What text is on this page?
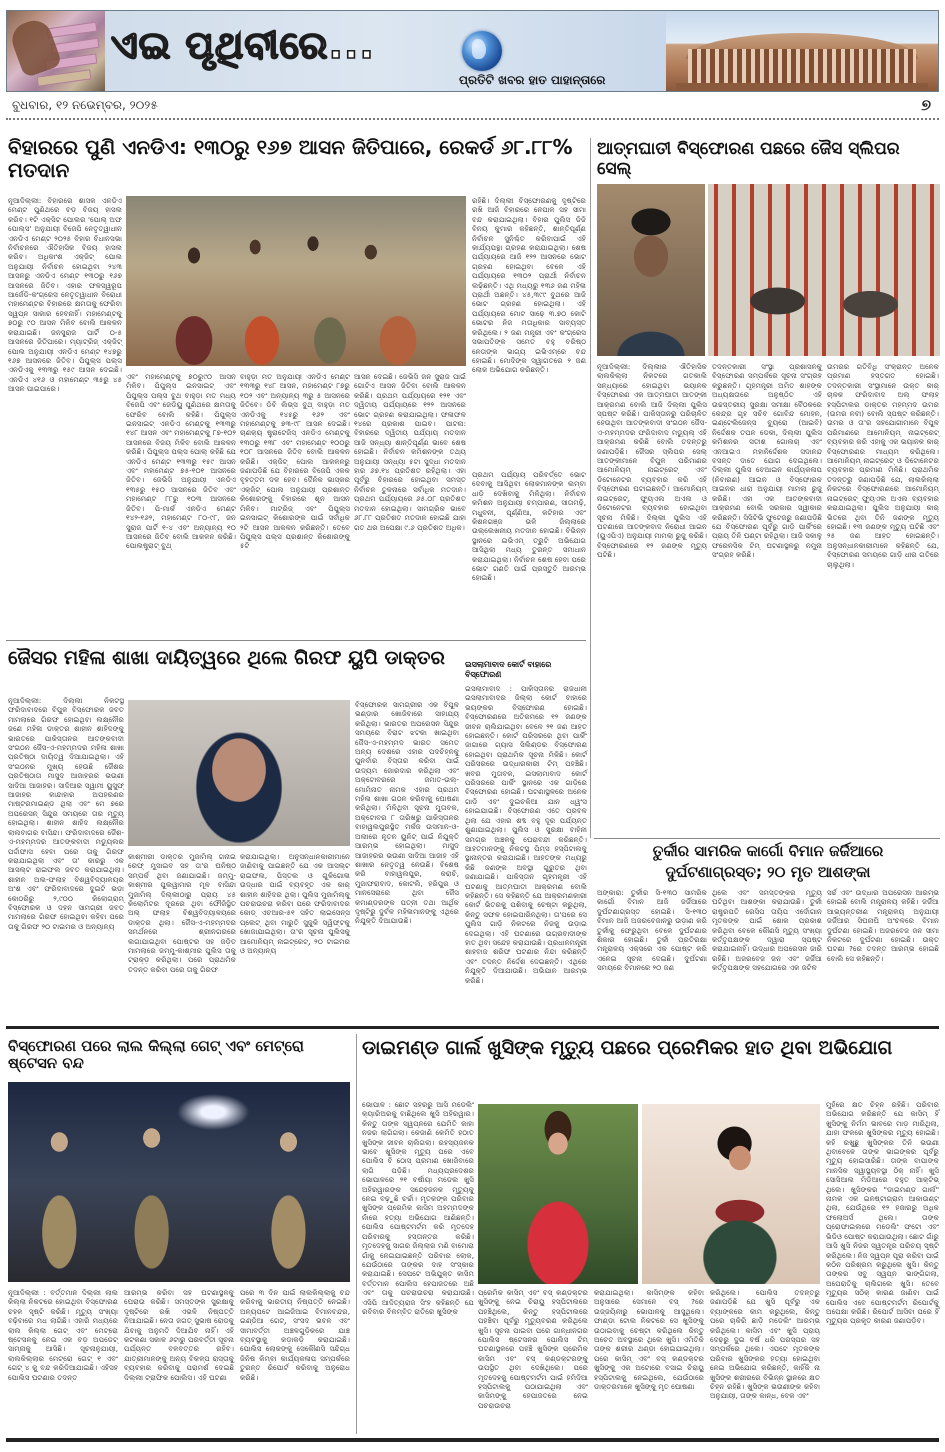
ଏଇ ପୃଥିବୀରେ...
ପ୍ରତିଟି ଖବର ହାତ ପାହାନ୍ତାରେ
ବୁଧବାର, ୧୨ ନଭେମ୍ବର, ୨୦୨୫	୭
ବିହାରରେ ପୁଣି ଏନଡିଏ: ୧୩୦ରୁ ୧୬୭ ଆସନ ଜିତିପାରେ, ରେକର୍ଡ ୬୮.୮୮% ମତଦାନ
ନୂଆଦିଲ୍ଲୀ: ବିହାରରେ ଶାସକ ଏନଡିଏ ମେଣ୍ଟ ପୁଣିଥରେ ବଡ଼ ବିଜୟ ହାସଲ କରିବ। ୧ଟି ଏକ୍ସିଟ ପୋଲର 'ପୋଲ୍ ଅଫ ପୋଲ୍ସ' ଅନୁଯାୟୀ ବିଜେପି ନେତୃତ୍ୱାଧୀନ ଏନଡିଏ ମେଣ୍ଟ ୨୦୨୫ ବିହାର ବିଧାନସଭା ନିର୍ବାଚନରେ ଐତିହାସିକ ବିଜୟ ହାସଲ କରିବ। ଅଧିକାଂଶ ଏକ୍ଜିଟ୍ ପୋଲ ଅନୁଯାୟୀ ନିର୍ବାଚନ ହୋଇଥିବା ୨୪୩ ଆସନରୁ ଏନଡିଏ ମେଣ୍ଟ ୧୩୦ରୁ ୧୬୭ ଆସନରେ ଜିତିବ। ଏହାର ଫଳସ୍ୱରୂପ ଆର୍ଜେଡି-କଂଗ୍ରେସ ନେତୃତ୍ୱାଧୀନ ବିରୋଧୀ ମହାମେଣ୍ଟର ବିହାରରେ କ୍ଷମତାକୁ ଫେରିବା ସ୍ୱପ୍ନ ସାକାର ହେବନାହିଁ। ମହାମେଣ୍ଟକୁ ୭୦ରୁ ୯୦ ଆସନ ମିଳିବ ବୋଲି ଆକଳନ କରାଯାଇଛି। ଜନସୁରାଜ ପାର୍ଟି ୦-୫ ଆସନରେ ଜିତିପାରେ। ମ୍ୟାଟ୍ରିଜ୍ ଏକ୍ଜିଟ୍ ପୋଲ ଅନୁଯାୟୀ ଏନଡିଏ ମେଣ୍ଟ ୧୪୭ରୁ ୧୬୭ ଆସନରେ ଜିତିବ। ପିପୁଲ୍ସ ପଲ୍ସ ଏନଡିଏକୁ ୧୩୩ରୁ ୧୫୯ ଆସନ ଦେଇଛି। ଏନଡିଏ ୪୧୬ ଓ ମହାମେଣ୍ଟ ୩୫ରୁ ୪୫ ଆସନ ପାଇପାରେ।
ଏବଂ ମହାମେଣ୍ଟକୁ ୭୦ରୁ୯୦ ଆସନ ମିଳିବ। ପିପୁଲ୍ସ ଇନସାଇଟ୍ ଏବଂ ପିପୁଲ୍ସ ପଲ୍ସ ବୁଥ ବାହୁଡ଼ା ମତ ମଧ୍ୟ ବିଜେପି ଏବଂ ଜେଡିୟୁ ପୁଣିଥରେ କ୍ଷମତାକୁ ଫେରିବ ବୋଲି କହିଛି। ପିପୁଲ୍ସ ଇନସାଇଟ୍ ଏନଡିଏ ମେଣ୍ଟକୁ ୧୩୩ରୁ ୧୪୮ ଆସନ ଏବଂ ମହାମେଣ୍ଟକୁ ୮୭-୧୦୨ ଆସନରେ ବିଜୟ ମିଳିବ ବୋଲି ଆକଳନ କରିଛି। ପିପୁଲ୍ସ ପଲ୍ସ ପୋଲ୍ କହିଛି ଯେ ଏନଡିଏ ମେଣ୍ଟ ୧୩୩ରୁ ୧୫୯ ଆସନ ଏବଂ ମହାମେଣ୍ଟ ୭୫-୧୦୧ ଆସନରେ ଜିତିବ। ଜେଭିସି ଅନୁଯାୟୀ ଏନଡିଏ ୧୩୫ରୁ ୧୫୦ ଆସନରେ ଜିତିବ ଏବଂ ମହାମେଣ୍ଟ ୮୮ରୁ ୧୦୩ ଆସନରେ ଜିତିବ। ପି-ମାର୍କ ଏନଡିଏ ମେଣ୍ଟ ୧୪୨-୧୬୨, ମହାମେଣ୍ଟ ୮୦-୯୮, ଜନ ସୁରାଜ ପାର୍ଟି ୧-୪ ଏବଂ ଅନ୍ୟାନ୍ୟ ୧୦ ଆସନରେ ଜିତିବ ବୋଲି ଆକଳନ କରିଛି। ପୋଲଷ୍ଟ୍ରାଟ୍ ବୁଥ୍
ବାହୁଡ଼ା ମତ ଅନୁଯାୟୀ ଏନଡିଏ ମେଣ୍ଟ ୧୩୩ରୁ ୧୪୮ ଆସନ, ମହାମେଣ୍ଟ ୮୭ରୁ ୧୦୨ ଏବଂ ଅନ୍ୟାନ୍ୟ ୩ରୁ ୫ ଆସନରେ ଜିତିବେ। ଡିବି ଲିଭ୍ସ ବୁଥ୍ ବାହୁଡ଼ା ମତ ଏନଡିଏକୁ ୧୪୫ରୁ ୧୬୨ ଏବଂ ମହାମେଣ୍ଟକୁ ୭୩-୯୮ ଆସନ ଦେଇଛି। ଚାଣକ୍ୟ ଷ୍ଟ୍ରାଟେଜିସ୍ ଏନଡିଏ ମେଣ୍ଟକୁ ୧୩୦ରୁ ୧୩୮ ଏବଂ ମହାମେଣ୍ଟ ୧୦୦ରୁ ୧୦୮ ଆସନରେ ଜିତିବ ବୋଲି ଆକଳନ କରିଛି। ଏକ୍ଜିଟ୍ ପୋଲ ଆକଳନରୁ ଜଣାପଡ଼ିଛି ଯେ ବିହାରରେ ବିଜେପି ଏକକ ବୃହତ୍ତମ ଦଳ ହେବ। ଦୈନିକ ଭାସ୍କର ଏକ୍ଜିଟ୍ ପୋଲ ଅନୁଯାୟୀ ପ୍ରଶାନ୍ତ କିଶୋରଙ୍କୁ ବିହାରରେ ଶୂନ ଆସନ ମିଳିବ। ମାଟ୍ରିଜ୍ ଏବଂ ପିପୁଲ୍ସ ଇନସାଇଟ୍ କିଶୋରଙ୍କ ପାଇଁ ସର୍ବାଧିକ ୨ଟି ଆସନ ଆକଳନ କରିଛନ୍ତି। ତେବେ ପିପୁଲ୍ସ ପଲ୍ସ ପ୍ରଶାନ୍ତ କିଶୋରଙ୍କୁ ୫ଟି
ଆସନ ଦେଇଛି। ଜେଭିସି ଜନ ସୁରାଜ ପାଇଁ ଗୋଟିଏ ଆସନ ଜିତିବା ବୋଲି ଆକଳନ କରିଛି। ପ୍ରଥମ ପର୍ଯ୍ୟାୟରେ ୧୨୧ ଏବଂ ଦ୍ୱିତୀୟ ପର୍ଯ୍ୟାୟରେ ୧୨୨ ଆସନରେ ଭୋଟ ଗ୍ରହଣ କରାଯାଇଥିଲା। ଫଳାଫଳ ୧୪ରେ ପ୍ରକାଶ ପାଇବ। ପାଟନା: ବିହାରରେ ଦ୍ୱିତୀୟ ପର୍ଯ୍ୟାୟ ମତଦାନ ଆଜି ସନ୍ଧ୍ୟା ଶାନ୍ତିପୂର୍ଣ୍ଣ ଭାବେ ଶେଷ ହୋଇଛି। ନିର୍ବାଚନ କମିଶନଙ୍କ ତଥ୍ୟ ଅନୁଯାୟୀ ସନ୍ଧ୍ୟା ୫ଟା ସୁଦ୍ଧା ମତଦାନ ହାର ୬୭.୧୪ ପ୍ରତିଶତ ରହିଥିଲା। ଏହା ପୂର୍ବରୁ ବିହାରରେ ହୋଇଥିବା ସମସ୍ତ ନିର୍ବାଚନ ତୁଳନାରେ ସର୍ବାଧିକ ମତଦାନ। ପ୍ରଥମ ପର୍ଯ୍ୟାୟରେ ୬୫.୦୮ ପ୍ରତିଶତ ମତଦାନ ହୋଇଥିଲା। ସାମଗ୍ରିକ ଭାବେ ୬୮.୮୮ ପ୍ରତିଶତ ମତଦାନ ହୋଇଛି ଯାହା ଗତ ଥର ଅପେକ୍ଷା ୯.୬ ପ୍ରତିଶତ ଅଧିକ।
ରହିଛି। ଦିଲ୍ଲୀ ବିସ୍ଫୋରଣକୁ ଦୃଷ୍ଟିରେ ରଖି ଆଜି ବିହାରରେ ନେପାଳ ସହ ସୀମା ବନ୍ଦ କରାଯାଇଥିଲା। ବିହାର ପୁଲିସ ଡିଜି ବିନୟ କୁମାର କହିଛନ୍ତି, ଶାନ୍ତିପୂର୍ଣ୍ଣ ନିର୍ବାଚନ ସୁନିଶ୍ଚିତ କରିବାପାଇଁ ଏହି କାର୍ଯ୍ୟପନ୍ଥା ଗ୍ରହଣ କରାଯାଇଥିଲା। ଶେଷ ପର୍ଯ୍ୟାୟରେ ଆଜି ୧୨୨ ଆସନରେ ଭୋଟ ଗ୍ରହଣ ହୋଇଥିବା ବେଳେ ଏହି ପର୍ଯ୍ୟାୟରେ ୧୩୦୨ ପ୍ରାର୍ଥୀ ନିର୍ବାଚନ ଲଢ଼ିଛନ୍ତି। ଏଥି ମଧ୍ୟରୁ ୧୩୬ ଜଣ ମହିଳା ପ୍ରାର୍ଥୀ ଅଛନ୍ତି। ୪୫,୩୯୯ ବୁଥରେ ଆଜି ଭୋଟ ଗ୍ରହଣ ହୋଇଥିଲା। ଏହି ପର୍ଯ୍ୟାୟରେ ମୋଟ ସାଢ଼େ ୩.୭୦ କୋଟି ଭୋଟର ନିଜ ମତାଧିକାର ସାବ୍ୟସ୍ତ କରିଥିଲେ। ୨ ଜଣ ମନ୍ତ୍ରୀ ଏବଂ କଂଗ୍ରେସ ସଭାପତିଙ୍କ ସମେତ ବହୁ ବରିଷ୍ଠ ନେତାଙ୍କ ଭାଗ୍ୟ ଇଭିଏମ୍‌ରେ ବନ୍ଦ ହୋଇଛି। ମୋଦିଙ୍କ ସ୍ୱାଗତରେ ୨ ଜଣ ଲୋକ ଅଭିଯୋଗ କରିଛନ୍ତି।
ପ୍ରଥମ ପର୍ଯ୍ୟାୟ ପରିବର୍ତ୍ତେ ଭୋଟ ଦେବାକୁ ଆସିଥିବା ଲୋକମାନଙ୍କ ଲମ୍ବା ଧାଡ଼ି ଦେଖିବାକୁ ମିଳିଥିଲା। ନିର୍ବାଚନ କମିଶନ ଅନୁଯାୟୀ ଚମ୍ପାରଣ, ସୀତାମଢ଼ି, ମଧୁବନୀ, ପୂର୍ଣ୍ଣିଆ, କଟିହାର ଏବଂ କିଶନଗଞ୍ଜ ଭଳି ଜିଲ୍ଲାରେ ଉଲ୍ଲେଖନୀୟ ମତଦାନ ହୋଇଛି। ବିଭିନ୍ନ ସ୍ଥାନରେ ଇଭିଏମ୍ ତ୍ରୁଟି ଅଭିଯୋଗ ଆସିଥିଲା ମଧ୍ୟ ତୁରନ୍ତ ସମାଧାନ କରାଯାଇଥିଲା। ନିର୍ବାଚନ ଶେଷ ହେବା ପରେ ଭୋଟ ଗଣତି ପାଇଁ ପ୍ରସ୍ତୁତି ଆରମ୍ଭ ହୋଇଛି।
ଆତ୍ମଘାତୀ ବିସ୍ଫୋରଣ ପଛରେ ଜୈସ ସ୍ଲିପର ସେଲ୍
ନୂଆଦିଲ୍ଲୀ: ଦିଲ୍ଲୀର ଐତିହାସିକ ଲାଲକିଲ୍ଲା ନିକଟରେ ଗତକାଲି ସନ୍ଧ୍ୟାରେ ହୋଇଥିବା ଭୟାନକ ବିସ୍ଫୋରଣ ଏକ ଆତ୍ମଘାତୀ ଆତଙ୍କୀ ଆକ୍ରମଣ ବୋଲି ଆଜି ଦିଲ୍ଲୀ ପୁଲିସ ସ୍ପଷ୍ଟ କରିଛି। ପାକିସ୍ତାନରୁ ପରିଚାଳିତ ହେଉଥିବା ଆତଙ୍କବାଦୀ ସଂଗଠନ ଜୈସ-ଏ-ମହମ୍ମଦର ଫରିଦାବାଦ ମଡ୍ୟୁଲ୍ ଏହି ଆକ୍ରମଣ କରିଛି ବୋଲି ତଦନ୍ତରୁ ଜଣାପଡ଼ିଛି। ଜୈସର ସ୍ଲିପର ସେଲ୍ ଆତଙ୍କୀମାନେ ବିପୁଳ ପରିମାଣର ଆମୋନିୟମ୍ ନାଇଟ୍ରେଟ୍ ଏବଂ ଡିଟୋନେଟର ବ୍ୟବହାର କରି ଏହି ବିସ୍ଫୋରଣ ଘଟାଇଛନ୍ତି। ଆମୋନିୟମ୍ ନାଇଟ୍ରେଟ୍, ଫ୍ୟୁଏଲ ଅଏଲ ଓ ଡିଟୋନେଟର ବ୍ୟବହାର ହୋଇଥିବା ସୂଚନା ମିଳିଛି। ଦିଲ୍ଲୀ ପୁଲିସ ଏହି ଘଟଣାରେ ଆତଙ୍କବାଦ ନିରୋଧୀ ଆଇନ (ୟୁଏପିଏ) ଅନୁଯାୟୀ ମାମଲା ରୁଜୁ କରିଛି। ବିସ୍ଫୋରଣରେ ୧୨ ଜଣଙ୍କ ମୃତ୍ୟୁ ଘଟିଛି।
ତଦନ୍ତକାରୀ ସଂସ୍ଥା ପ୍ରଶାସନକୁ ବିସ୍ଫୋରଣ ସମ୍ପର୍କରେ ସୂଚନା ସଂଗ୍ରହ କରୁଛନ୍ତି। ଗୃହମନ୍ତ୍ରୀ ଅମିତ ଶାହଙ୍କ ଅଧ୍ୟକ୍ଷତାରେ ଅନୁଷ୍ଠିତ ଏହି ଉଚ୍ଚସ୍ତରୀୟ ସୁରକ୍ଷା ସମୀକ୍ଷା ବୈଠକରେ କେନ୍ଦ୍ର ଗୃହ ସଚିବ ଗୋବିନ୍ଦ ମୋହନ, ଇଣ୍ଟେଲିଜେନ୍ସ ବ୍ୟୁରୋ (ଆଇବି) ନିର୍ଦ୍ଦେଶକ ତପନ ଡେକା, ଦିଲ୍ଲୀ ପୁଲିସ କମିଶନର ସତୀଶ ଗୋଲଚା ଏବଂ ଏନଆଇଏ ମହାନିର୍ଦ୍ଦେଶକ ସଦାନନ୍ଦ ବସନ୍ତ ଦାତେ ଯୋଗ ଦେଇଥିଲେ। ଦିଲ୍ଲୀ ପୁଲିସ ବେଆଇନ କାର୍ଯ୍ୟକଳାପ (ନିବାରଣ) ଆଇନ ଓ ବିସ୍ଫୋରକ ଆଇନର ଧାରା ଅନୁଯାୟୀ ମାମଲା ରୁଜୁ କରିଛି। ଏହା ଏକ ଆତଙ୍କବାଦୀ ଆକ୍ରମଣ ବୋଲି ସରକାର ସ୍ୱୀକାର କରିଛନ୍ତି। ସିସିଟିଭି ଫୁଟେଜରୁ ଜଣାପଡ଼ିଛି ଯେ ବିସ୍ଫୋରଣ ପୂର୍ବରୁ ଗାଡ଼ି ପାର୍କିଂରେ ପ୍ରାୟ ତିନି ଘଣ୍ଟା ରହିଥିଲା। ଆଜି ସକାଳୁ ଫରେନସିକ ଟିମ୍ ଘଟଣାସ୍ଥଳରୁ ନମୁନା ସଂଗ୍ରହ କରିଛି।
ଉମରର ଗତିବିଧି ସଂକ୍ରାନ୍ତ ଅନେକ ପ୍ରମାଣ ହସ୍ତଗତ ହୋଇଛି। ତଦନ୍ତକାରୀ ସଂସ୍ଥାମାନେ ଉକ୍ତ କାର୍ ଚାଳକ ଫରିଦାବାଦ ଅଲ୍ ଫଲାହ ହସ୍ପିଟାଲର ଡାକ୍ତର ମହମ୍ମଦ ଉମର (ଉମର ନବୀ) ବୋଲି ସ୍ପଷ୍ଟ କରିଛନ୍ତି। ଉମର ଓ ତା'ର ସହଯୋଗୀମାନେ ବିପୁଳ ପରିମାଣରେ ଆମୋନିୟମ୍ ନାଇଟ୍ରେଟ୍ ବ୍ୟବହାର କରି ଏହାକୁ ଏକ ଭୟାନକ କାର୍ ବିସ୍ଫୋରଣର ମାଧ୍ୟମ କରିଥିଲେ। ଆମୋନିୟମ୍ ନାଇଟ୍ରେଟ୍ ଓ ଡିଟୋନେଟର ବ୍ୟବହାର ପ୍ରମାଣ ମିଳିଛି। ପ୍ରାଥମିକ ତଦନ୍ତରୁ ଜଣାପଡ଼ିଛି ଯେ, ଲାଲକିଲ୍ଲା ନିକଟରେ ବିସ୍ଫୋରଣରେ ଆମୋନିୟମ୍ ନାଇଟ୍ରେଟ୍ ଫ୍ୟୁଏଲ ଅଏଲ ବ୍ୟବହାର କରାଯାଇଥିଲା। ପୁଲିସ ଅନୁଯାୟୀ କାର୍ ଭିତରେ ଥିବା ତିନି ଜଣଙ୍କ ମୃତ୍ୟୁ ହୋଇଛି। ୧୩ ଜଣଙ୍କ ମୃତ୍ୟୁ ଘଟିଛି ଏବଂ ୨୫ ଜଣ ଆହତ ହୋଇଛନ୍ତି। ଅନୁସନ୍ଧାନକାରୀମାନେ କହିଛନ୍ତି ଯେ, ବିସ୍ଫୋରଣ ସମୟରେ ଗାଡ଼ି ଧୀର ଗତିରେ ଚାଲୁଥିଲା।
ଜୈସର ମହିଳା ଶାଖା ଦାୟିତ୍ୱରେ ଥିଲେ ଗିରଫ ୟୁପି ଡାକ୍ତର
ନୂଆଦିଲ୍ଲୀ: ଦିଲ୍ଲୀ ନିକଟସ୍ଥ ଫରିଦାବାଦରେ ବିପୁଳ ବିସ୍ଫୋରକ ଜବତ ମାମଲାରେ ଗିରଫ ହୋଇଥିବା ଲକ୍ଷ୍ନୌର ଜଣେ ମହିଳା ଡାକ୍ତର ଶାହୀନ ଶାହିଦଙ୍କୁ ଭାରତରେ ପାକିସ୍ତାନର ଆତଙ୍କବାଦୀ ସଂଗଠନ ଜୈସ-ଏ-ମହମ୍ମଦର ମହିଳା ଶାଖା ପ୍ରତିଷ୍ଠା ଦାୟିତ୍ୱ ଦିଆଯାଇଥିଲା। ଏହି ସଂଗଠନର ମୁଖ୍ୟ ହେଉଛି ଜୈଶର ପ୍ରତିଷ୍ଠାତା ମାସୁଦ ଆଜାହରର ଭଉଣୀ ସାଦିଆ ଆଜାହର। ସାଦିଆର ସ୍ୱାମୀ ୟୁସୁଫ୍ ଆଜାହର କାନ୍ଦାହାର ଅପହରଣର ମାଷ୍ଟରମାଇଣ୍ଡ ଥିଲା ଏବଂ ମେ ୭ରେ ଅପରେସନ୍ ସିନ୍ଦୁର ସମୟରେ ତାର ମୃତ୍ୟୁ ହୋଇଥିଲା। ଶାହୀନ ଶାହିଦ ଲକ୍ଷ୍ନୌର ଲାଲବାଗର ବାସିନ୍ଦା। ଫରିଦାବାଦରେ ଜୈଶ-ଏ-ମହମ୍ମଦର ଆତଙ୍କବାଦୀ ମଡ୍ୟୁଲର ପର୍ଦ୍ଦାଫାସ ହେବା ପରେ ତାକୁ ଗିରଫ କରାଯାଇଥିଲା ଏବଂ ତା' କାରରୁ ଏକ ଆସଲ୍ଟ ରାଇଫଲ ଜବତ କରାଯାଇଥିଲା। ଶାହୀନ ଅଲ-ଫଲାହ ବିଶ୍ୱବିଦ୍ୟାଳୟର ଅଂଶ ଏବଂ ଫରିଦାବାଦରେ ଦୁଇଟି ଭଡ଼ା କୋଠରିରୁ ୨,୯୦୦ କିଲୋଗ୍ରାମ୍ ବିସ୍ଫୋରକ ଓ ଦହନ ସାମଗ୍ରୀ ଜବତ ମାମଲାରେ ଗିରଫ ହୋଇଥିବା କହିବା ପରେ ତାକୁ ଗିରଫ ୨୦ ଟାଇମର ଓ ଅନ୍ୟାନ୍ୟ
କାଶ୍ମୀରୀ ଡାକ୍ତର ମୁଜାମିଲ୍ ଗନାଇ ରେଫ୍ ମୁସାଇବ ସହ ତା'ର ଘନିଷ୍ଠ ସମ୍ପର୍କ ଥିବା ଜଣାଯାଇଛି। ଜମ୍ମୁ-କାଶ୍ମୀର ପୁଲୱାମାର ମୂଳ ବାସିନ୍ଦା ମୁଜାମିଲ୍ ଦିଲ୍ଲୀଠାରୁ ପ୍ରାୟ ୪୫ କିଲୋମିଟର ଦୂରରେ ଥିବା ଫୌଜିସ୍ଥିତ ଅଲ୍ ଫଲାହ ବିଶ୍ୱବିଦ୍ୟାଳୟରେ ଡାକ୍ତର ଥିଲା। ଜୈସ-ଏ-ମହମ୍ମଦର ସମର୍ଥନରେ ଶ୍ରୀନଗରରେ ଲଗାଯାଇଥିବା ପୋଷ୍ଟର ସହ ଜଡ଼ିତ ମାମଲାରେ ଜମ୍ମୁ-କାଶ୍ମୀର ପୁଲିସ ତାକୁ ଟ୍ରାକ୍ଡ଼ କରିଥିଲା। ପରେ ପ୍ରାଥମିକ ତଦନ୍ତ କରିବା ପରେ ତାକୁ ଗିରଫ
କରାଯାଇଥିଲା। ଅନୁସନ୍ଧାନକାରୀମାନେ ଜାଣିବାକୁ ପାଇଛନ୍ତି ଯେ ଏକ ଆସଲ୍ଟ ରାଇଫଲ, ପିସ୍ତଲ ଓ ଗୁଳିଗୋଳା ଉଦ୍ଧାର ପାଇଁ ବ୍ୟବହୃତ ଏକ କାର୍ ଶାହୀନ ଶାହିଦର ଥିଲା। ପୁଲିସ ମୁଜାମିଲ୍‌କୁ ପଚରାଉଚରା କରିବା ପରେ ଫରିଦାବାଦର କୋଡ୍ ଏଚଆର-୫୧ ସହିତ ଲାଇସେନ୍ସ ପ୍ଲେଟ୍ ଥିବା ମାରୁତି ସୁଜୁକି ସ୍ୱିଫ୍ଟକୁ ଖୋଜାଯାଇଥିଲା। ତା'ର ସୂଚନା ପୁଲିସକୁ ଆମୋନିୟମ୍ ନାଇଟ୍ରେଟ୍, ୨୦ ଟାଇମର ଓ ଅନ୍ୟାନ୍ୟ
ବିସ୍ଫୋରକ ସାମଗ୍ରୀର ଏକ ବିପୁଳ ଭଣ୍ଡାର ଖୋଜିବାରେ ସାହାଯ୍ୟ କରିଥିଲା। ଭାରତର ଅପରେସନ ସିନ୍ଦୁର ସମୟରେ ବିରାଟ ଝଟକା ଖାଇଥିବା ଜୈସ-ଏ-ମହମ୍ମଦ ଭାରତ ସମେତ ଅନ୍ୟ ଦେଶରେ ଏହାର ପଦଚିହ୍ନକୁ ପୁନର୍ବାର ବିସ୍ତାର କରିବା ପାଇଁ ଉଦ୍ୟମ ଜୋରଦାର କରିଥିଲା ଏବଂ ଅକ୍ଟୋବରରେ ଜମାତ-ଉଲ୍-ମୋମିନାତ ନାମକ ଏହାର ପ୍ରଥମ ମହିଳା ଶାଖା ଗଠନ କରିବାକୁ ଘୋଷଣା କରିଥିଲା। ମିଳିଥିବା ସୂଚନା ମୁତାବକ, ଅକ୍ଟୋବର ୮ ତାରିଖରୁ ପାକିସ୍ତାନର ବାହାୱଲପୁରସ୍ଥିତ ମର୍କଜ ଉସମାନ-ଓ-ଅଲୀରେ ନୂତନ ୟୁନିଟ୍ ପାଇଁ ନିଯୁକ୍ତି ଆରମ୍ଭ ହୋଇଥିଲା। ମାସୁଦ ଆଜାହରର ଭଉଣୀ ସାଦିଆ ଆଜାହ ଏହି ଶାଖାର ନେତୃତ୍ୱ ନେଉଛି। ବିଶେଷ କରି ବାହାୱଲପୁର, କରାଚି, ମୁଜାଫରାବାଦ, କୋଟଲି, ହରିପୁର ଓ ମାନସେରାରେ ଥିବା ଜୈସ କମାଣ୍ଡରଙ୍କ ପତ୍ନୀ ତଥା ଆର୍ଥିକ ଦୃଷ୍ଟିରୁ ଦୁର୍ବଳ ମହିଳାମାନଙ୍କୁ ଏଥିରେ ନିଯୁକ୍ତି ଦିଆଯାଉଛି।
ଇସଲାମାବାଦ କୋର୍ଟ ବାହାରେ ବିସ୍ଫୋରଣ
ଇସଲାମାବାଦ : ପାକିସ୍ତାନର ରାଜଧାନୀ ଇସଲାମାବାଦର ଜିଲ୍ଲା କୋର୍ଟ ବାହାରେ ଭୟଙ୍କର ବିସ୍ଫୋରଣ ହୋଇଛି। ବିସ୍ଫୋରଣରେ ଅତିକମରେ ୧୨ ଜଣଙ୍କ ଜୀବନ ଚାଲିଯାଇଥିବା ବେଳେ ୨୧ ଜଣ ଆହତ ହୋଇଛନ୍ତି। କୋର୍ଟ ପରିସରରେ ଥିବା ପାର୍କିଂ ଜାଗାରେ ଗ୍ୟାସ ସିଲିଣ୍ଡର ବିସ୍ଫୋରଣ ହୋଇଥିବା ପ୍ରାଥମିକ ସୂଚନା ମିଳିଛି। କୋର୍ଟ ପରିସରରେ ଉଦ୍ଧାରକାରୀ ଟିମ୍ ପହଞ୍ଚିଛି। ଖବର ମୁତାବକ, ଇସଲାମାବାଦ କୋର୍ଟ ପରିସରରେ ପାର୍କିଂ ସ୍ଥାନରେ ଏକ ଗାଡ଼ିରେ ବିସ୍ଫୋରଣ ହୋଇଛି। ଘଟଣାସ୍ଥଳରେ ଅନେକ ଗାଡ଼ି ଏବଂ ଦୁଇଚକିଆ ଯାନ ଧ୍ୱଂସ ହୋଇଯାଇଛି। ବିସ୍ଫୋରଣ ଏତେ ପ୍ରବଳ ଥିଲା ଯେ ଏହାର ଶବ୍ଦ ବହୁ ଦୂର ପର୍ଯ୍ୟନ୍ତ ଶୁଣାଯାଇଥିଲା। ପୁଲିସ ଓ ସୁରକ୍ଷା ବାହିନୀ ସମଗ୍ର ଅଞ୍ଚଳକୁ ଘେରାବନ୍ଦୀ କରିଛନ୍ତି। ଆହତମାନଙ୍କୁ ନିକଟସ୍ଥ ପିମ୍ସ ହସ୍ପିଟାଲକୁ ସ୍ଥାନାନ୍ତର କରାଯାଇଛି। ଆହତଙ୍କ ମଧ୍ୟରୁ କିଛି ଜଣଙ୍କ ଅବସ୍ଥା ଗୁରୁତର ଥିବା ଜଣାଯାଇଛି। ପାକିସ୍ତାନ ଗୃହମନ୍ତ୍ରୀ ଏହି ଘଟଣାକୁ ଆତ୍ମଘାତୀ ଆକ୍ରମଣ ବୋଲି କହିଛନ୍ତି। ସେ କହିଛନ୍ତି ଯେ ଆକ୍ରମଣକାରୀ କୋର୍ଟ ଭିତରକୁ ପଶିବାକୁ ଚେଷ୍ଟା କରୁଥିଲା, କିନ୍ତୁ ସଫଳ ହୋଇପାରିନଥିଲା। ତା'ପରେ ସେ ପୁଲିସ ଗାଡ଼ି ନିକଟରେ ନିଜକୁ ଉଡ଼ାଇ ଦେଇଥିଲା। ଏହି ଘଟଣାରେ ଉଗ୍ରବାଦୀଙ୍କ ହାତ ଥିବା ସନ୍ଦେହ କରାଯାଉଛି। ପ୍ରଧାନମନ୍ତ୍ରୀ ଶାହବାଜ ଶରିଫ ଘଟଣାର ନିନ୍ଦା କରିଛନ୍ତି ଏବଂ ତଦନ୍ତ ନିର୍ଦ୍ଦେଶ ଦେଇଛନ୍ତି। ଏଥିରେ ନିଯୁକ୍ତି ଦିଆଯାଉଛି। ଅଭିଯାନ ଆରମ୍ଭ କରିଛି।
ତୁର୍କୀର ସାମରିକ କାର୍ଗୋ ବିମାନ ଜର୍ଜିଆରେ
ଦୁର୍ଘଟଣାଗ୍ରସ୍ତ; ୨୦ ମୃତ ଆଶଙ୍କା
ଅଙ୍କାରା: ତୁର୍କୀର ସି-୧୩୦ ସାମରିକ କାର୍ଗୋ ବିମାନ ଆଜି ଜର୍ଜିଆରେ ଦୁର୍ଘଟଣାଗ୍ରସ୍ତ ହୋଇଛି। ସି-୧୩୦ ବିମାନ ଆଜି ଅଜରବେଜାନରୁ ଉଡ଼ାଣ କରି ତୁର୍କୀକୁ ଫେରୁଥିବା ବେଳେ ଦୁର୍ଘଟଣାର ଶିକାର ହୋଇଛି। ତୁର୍କୀ ପ୍ରତିରକ୍ଷା ମନ୍ତ୍ରାଳୟ ଏକ୍ସରେ ଏକ ପୋଷ୍ଟ କରି ଏନେଇ ସୂଚନା ଦେଇଛି। ଦୁର୍ଘଟଣା ସମୟରେ ବିମାନରେ ୨୦ ଜଣ
ଥିଲେ ଏବଂ ସମସ୍ତଙ୍କର ମୃତ୍ୟୁ ଘଟିଥିବା ଆଶଙ୍କା କରାଯାଉଛି। ତୁର୍କୀ ରାଷ୍ଟ୍ରପତି ରେସିପ ତାୟିପ ଏର୍ଦୋଗାନ ମୃତକଙ୍କ ପାଇଁ ଶୋକ ପ୍ରକାଶ କରିଥିବା ବେଳେ କୌଣସି ମୃତ୍ୟୁ ସଂଖ୍ୟା କର୍ତ୍ତୃପକ୍ଷଙ୍କ ଦ୍ୱାରା ସ୍ପଷ୍ଟ କରାଯାଇନାହିଁ। ଉଦ୍ଧାର ଅପରେସନ ଜାରି ରହିଛି। ଅଜରବେଜ ଜନ ଏବଂ ଜର୍ଜିଆ କର୍ତ୍ତୃପକ୍ଷଙ୍କ ସହଯୋଗରେ ଏକ ଜଟିଳ
ସର୍ଚ୍ଚ ଏବଂ ଉଦ୍ଧାର ଅପରେସନ ଆରମ୍ଭ ହୋଇଛି ବୋଲି ମନ୍ତ୍ରାଳୟ କହିଛି। ଜର୍ଜିଆ ଆଭ୍ୟନ୍ତରୀଣ ମନ୍ତ୍ରାଳୟ ଅନୁଯାୟୀ ଜର୍ଜିଆର ସିଘନାଘି ଅଂଚଳରେ ବିମାନ ଦୁର୍ଘଟଣା ହୋଇଛି। ଅଜରବେଜ ଜନ ସୀମା ନିକଟରେ ଦୁର୍ଘଟଣା ହୋଇଛି। ଉକ୍ତ ଘଟଣା ?ରେ ତଦନ୍ତ ଆରମ୍ଭ ହୋଇଛି ବୋଲି ସେ କହିଛନ୍ତି।
ବିସ୍ଫୋରଣ ପରେ ଲାଲ କିଲ୍ଲା ଗେଟ୍ ଏବଂ ମେଟ୍ରୋ ଷ୍ଟେସନ ବନ୍ଦ
ନୂଆଦିଲ୍ଲୀ : ବର୍ତ୍ତମାନ ଦିଲ୍ଲୀ ଲାଲ କିଲ୍ଲା ନିକଟରେ ହୋଇଥିବା ବିସ୍ଫୋରଣ ଚହଳ ସୃଷ୍ଟି କରିଛି। ମୃତ୍ୟୁ ସଂଖ୍ୟା ବଢ଼ିବାରେ ମଧ ଲାଗିଛି। ଏହାରି ମଧ୍ୟରେ ଲାଲ କିଲ୍ଲା ଗେଟ୍ ଏବଂ ମେଟ୍ରୋ ଷ୍ଟେସନକୁ ନେଇ ଏକ ବଡ଼ ଅପଡେଟ୍ ସାମ୍ନାକୁ ଆସିଛି। ସୂଚନାନୁଯାୟୀ, ଲାଲକିଲ୍ଲାର ମେଟ୍ରୋ ଗେଟ୍ ୧ ଏବଂ ଗେଟ୍ ୪ କୁ ବନ୍ଦ କରିଦିଆଯାଇଛି। ଏହିସହ ପୋଲିସ ଘଟଣାର ତଦନ୍ତ
ଆରମ୍ଭ କରିବା ସହ ଘଟଣାସ୍ଥଳକୁ ଘେରାଉ କରିଛି। ସମସ୍ତଙ୍କ ସୁରକ୍ଷାକୁ ଦୃଷ୍ଟିରେ ରଖି ଏଭଳି ନିଷ୍ପତ୍ତି ନିଆଯାଇଛି। ନେତା ଜଗତ୍ ସୁଭାଷ ରୋଡକୁ ଯିବାକୁ ଅନୁମତି ଦିଆଯିବ ନାହିଁ। ଏହି କଟକଣା ସକାଳ ୬ଟାରୁ ପରବର୍ତ୍ତୀ ସୂଚନା ପର୍ଯ୍ୟନ୍ତ ବଳବତ୍ତର ରହିବ। ଯାତ୍ରୀମାନଙ୍କୁ ଅନ୍ୟ ବିକଳ୍ପ ରାସ୍ତାକୁ ବ୍ୟବହାର କରିବାକୁ ପରାମର୍ଶ ଦେଇଛି ଦିଲ୍ଲୀ ଟ୍ରାଫିକ ପୋଲିସ। ଏହି ଘଟଣା
ପରେ ୩ ଦିନ ପାଇଁ ଲାଲକିଲ୍ଲାକୁ ବନ୍ଦ କରିବାକୁ ଭାରତୀୟ ନିଷ୍ପତ୍ତି ନେଇଛି। ଅନ୍ୟପଟେ ଆଇଜିଆଇ ବିମାନବନ୍ଦର, ଇଣ୍ଡିଆ ଗେଟ୍, ସଂସଦ ଭବନ ଏବଂ ସୀମାବର୍ତ୍ତୀ ଅଞ୍ଚଳଗୁଡ଼ିକରେ ଯାଞ୍ଚ ବ୍ୟବସ୍ଥାକୁ କଡ଼ାକଡ଼ି କରାଯାଇଛି। ପୋଲିସ ଲୋକଙ୍କୁ ସେକୌଣସି ସନ୍ଦିଗ୍ଧ ଜିନିଷ କିମ୍ବା କାର୍ଯ୍ୟକଳାପ ସମ୍ପର୍କରେ ତୁରନ୍ତ ରିପୋର୍ଟ କରିବାକୁ ଅନୁରୋଧ କରିଛି।
ଡାଇମଣ୍ଡ ଗାର୍ଲ ଖୁସିଙ୍କ ମୃତ୍ୟୁ ପଛରେ ପ୍ରେମିକର ହାତ ଥିବା ଅଭିଯୋଗ
ଭୋପାଳ : ଛୋଟ ସହରରୁ ଆସି ମଡେଲିଂ କ୍ୟାରିଅରକୁ ବାଛିଥିଲେ ଖୁସି ଅହିରୱାର। କିନ୍ତୁ ତାଙ୍କ ସ୍ୱପ୍ନରେ ଯେମିତି କାହା ନଜର ଲାଗିଗଲା। କେଜାଣି କେମିତି ହଠାତ ଖୁସିଙ୍କ ଜୀବନ ଚାଲିଗଲା। ରହସ୍ୟଜନକ ଭାବେ ଖୁସିଙ୍କ ମୃତ୍ୟୁ ପରେ ଏବେ ପୋଲିସ ବି ଠୋସ୍ ପ୍ରମାଣ ଖୋଜିବାରେ ଲାଗି ପଡ଼ିଛି। ମଧ୍ୟପ୍ରଦେଶର ଭୋପାଳରେ ୨୧ ବର୍ଷୀୟା ମଡେଲ ଖୁସି ଅହିରୱାରଙ୍କ ସନ୍ଦେହଜନକ ମୃତ୍ୟୁକୁ ନେଇ ବଢ଼ୁଛି ଚର୍ଚ୍ଚା। ମୃତକଙ୍କ ପରିବାର ଖୁସିଙ୍କ ପ୍ରେମିକ କାସିମ ଅହମ୍ମଦଙ୍କ ନାଁରେ ହତ୍ୟା ଅଭିଯୋଗ ଆଣିଛନ୍ତି। ପୋଲିସ ପୋଷ୍ଟମର୍ଟମ କରି ମୃତଦେହ ପରିବାରକୁ ହସ୍ତାନ୍ତର କରିଛି। ମୃତଦେହକୁ ସାଗର ଜିଲ୍ଲାର ମଣି ବାମୋରା ଗାଁକୁ ନେଇଯାଇଛନ୍ତି ପରିବାର ଲୋକ, ଯେଉଁଠାରେ ତାଙ୍କର ଦାହ ସଂସ୍କାର କରାଯାଇଛି। ସେପଟେ ଅଭିଯୁକ୍ତ କାସିମ ବର୍ତ୍ତମାନ ପୋଲିସ ହେପାଜତରେ ଅଛି ଏବଂ ତାକୁ ପଚରାଉଚରା କରାଯାଉଛି। ଏସିପି ଆଦିତ୍ୟରାଜ ସିଂହ କହିଛନ୍ତି ଯେ ରବିବାର ବିଳମ୍ବିତ ରାତିରେ ଖୁସିଙ୍କ
ପ୍ରେମିକ କାସିମ୍ ଏବଂ ବସ୍ କଣ୍ଡକ୍ଟର ଖୁସିଙ୍କୁ ନେଇ ଚିରାୟୁ ହସ୍ପିଟାଲରେ ପହଞ୍ଚିଥିଲେ, କିନ୍ତୁ ହସ୍ପିଟାଲରେ ପହଞ୍ଚିବା ପୂର୍ବରୁ ମୃତ୍ୟୁବରଣ କରିଥିଲେ ଖୁସି। ସୂଚନା ପାଇବା ପରେ ଗାନ୍ଧୀନଗର ପୋଲିସ ଷ୍ଟେସନର ପୋଲିସ ଟିମ୍ ଘଟଣାସ୍ଥଳରେ ପହଞ୍ଚି ଖୁସିଙ୍କ ପ୍ରେମିକ କାସିମ ଏବଂ ବସ୍ କଣ୍ଡକ୍ଟରଙ୍କୁ ଉପସ୍ଥିତ ଥିବା ଦେଖିଥିଲେ। ପରେ ମୃତଦେହକୁ ପୋଷ୍ଟମର୍ଟମ ପାଇଁ ହମିଦିଆ ହସ୍ପିଟାଲକୁ ପଠାଯାଇଥିଲା ଏବଂ କାସିମଙ୍କୁ ହେପାଜତରେ ନେଇ ପଚରାଉଚରା
କରାଯାଇଥିଲା। କାସିମ୍‌ଙ୍କ କହିବା ଅନୁସାରେ ସେମାନେ ବସ୍ ?ରେ ଉଜ୍ଜୟିନୀରୁ ଭୋପାଳକୁ ଆସୁଥିଲେ। ଫାଣ୍ଡା ଟୋଲ ନିକଟରେ ସେ ଖୁସିଙ୍କୁ ଉଠାଇବାକୁ ଚେଷ୍ଟା କରିଥିଲେ କିନ୍ତୁ ଅଚେତ ଅବସ୍ଥାରେ ଥିଲେ ଖୁସି। ଏମିତିକି ତାଙ୍କ ଶରୀର ଥଣ୍ଡା ହୋଇଯାଇଥିଲା। ପରେ କାସିମ୍ ଏବଂ ବସ୍ କଣ୍ଡକ୍ଟର ଖୁସିଙ୍କୁ ଏକ ଅଟୋରେ ବସାଇ ଚିରାୟୁ ହସ୍ପିଟାଲକୁ ନେଇଥିଲେ, ଯେଉଁଠାରେ ଡାକ୍ତରମାନେ ଖୁସିଙ୍କୁ ମୃତ ଘୋଷଣା
କରିଥିଲେ। ପୋଲିସ ତଦନ୍ତରୁ ଜଣାପଡ଼ିଛି ଯେ ଖୁସି ପୂର୍ବରୁ ଏକ ବ୍ୟାଙ୍କରେ କାମ କରୁଥିଲେ, କିନ୍ତୁ ପରେ ଚାକିରି ଛାଡ଼ି ମଡେଲିଂ ଆରମ୍ଭ କରିଥିଲେ। କାସିମ ଏବଂ ଖୁସି ପ୍ରାୟ ଦେଢ଼ରୁ ଦୁଇ ବର୍ଷ ଧରି ପରସ୍ପର ସହ ସମ୍ପର୍କରେ ଥିଲେ। ଏପଟେ ମୃତକଙ୍କ ପରିବାର ଖୁସିଙ୍କର ହତ୍ୟା ହୋଇଥିବା ନେଇ ଅଭିଯୋଗ କରିଛନ୍ତି, କାହିଁକି ନା ଖୁସିଙ୍କ ଶରୀରରେ ବିଭିନ୍ନ ସ୍ଥାନରେ କ୍ଷତ ଚିହ୍ନ ରହିଛି। ଖୁସିଙ୍କ ଭଉଣୀଙ୍କ କହିବା ଅନୁଯାୟୀ, ତାଙ୍କ କାନ୍ଧ, ବେକ ଏବଂ
ମୁହଁରେ କ୍ଷତ ଚିହ୍ନ ରହିଛି। ପରିବାର ଅଭିଯୋଗ କରିଛନ୍ତି ଯେ କାସିମ୍ ହିଁ ଖୁସିଙ୍କୁ ନିର୍ମମ ଭାବରେ ମାଡ଼ ମାରିଥିଲା, ଯାହା ଫଳରେ ଖୁସିଙ୍କର ମୃତ୍ୟୁ ହୋଇଛି। କହି ରଖୁଛୁ ଖୁସିଙ୍କର ତିନି ଭଉଣୀ ଥିବାବେଳେ ତାଙ୍କ ଭାଇଙ୍କର ପୂର୍ବରୁ ମୃତ୍ୟୁ ହୋଇସାରିଛି। ତାଙ୍କ ବାପାଙ୍କ ମାନସିକ ସ୍ୱାସ୍ଥ୍ୟବସ୍ଥା ଠିକ୍ ନାହିଁ। ଖୁସି ସୋସିଆଲ ମିଡିଆରେ ବହୁତ ଆକ୍ଟିଭ୍ ଥିଲେ। ଖୁସିଙ୍କର "ଡାଇମଣ୍ଡ ଗାର୍ଲ" ନାମକ ଏକ ଇନଷ୍ଟାଗ୍ରାମ ଆକାଉଣ୍ଟ ଥିଲା, ଯେଉଁଥିରେ ୧୨ ହଜାରରୁ ଅଧିକ ଫଲୋଅର୍ସ ଥିଲେ। ତାଙ୍କ ପ୍ରୋଫାଇଲରେ ମଡେଲିଂ ଫଟୋ ଏବଂ ଭିଡିଓ ପୋଷ୍ଟ କରାଯାଉଥିଲା। ଛୋଟ ଗାଁରୁ ଆସି ଖୁସି ନିଜର ସ୍ୱତନ୍ତ୍ର ପରିଚୟ ସୃଷ୍ଟି କରିଥିଲେ। ନିଜ ସ୍ୱପ୍ନ ପୂରା କରିବା ପାଇଁ କଠିନ ପରିଶ୍ରମ କରୁଥିଲେ ଖୁସି। କିନ୍ତୁ ତାଙ୍କର ସବୁ ସ୍ୱପ୍ନ ଭାଙ୍ଗିଗଲା, ଅପେରାତିକୁ ଚାଲିଗଲେ ଖୁସି। ତେବେ ମୃତ୍ୟୁର ସଠିକ୍ କାରଣ ଜାଣିବା ପାଇଁ ପୋଲିସ ଏବେ ପୋଷ୍ଟମର୍ଟମ ରିପୋର୍ଟକୁ ଅପେକ୍ଷା କରିଛି। ରିପୋର୍ଟ ଆସିବା ପରେ ହିଁ ମୃତ୍ୟୁର ପ୍ରକୃତ କାରଣ ଜଣାପଡ଼ିବ।
